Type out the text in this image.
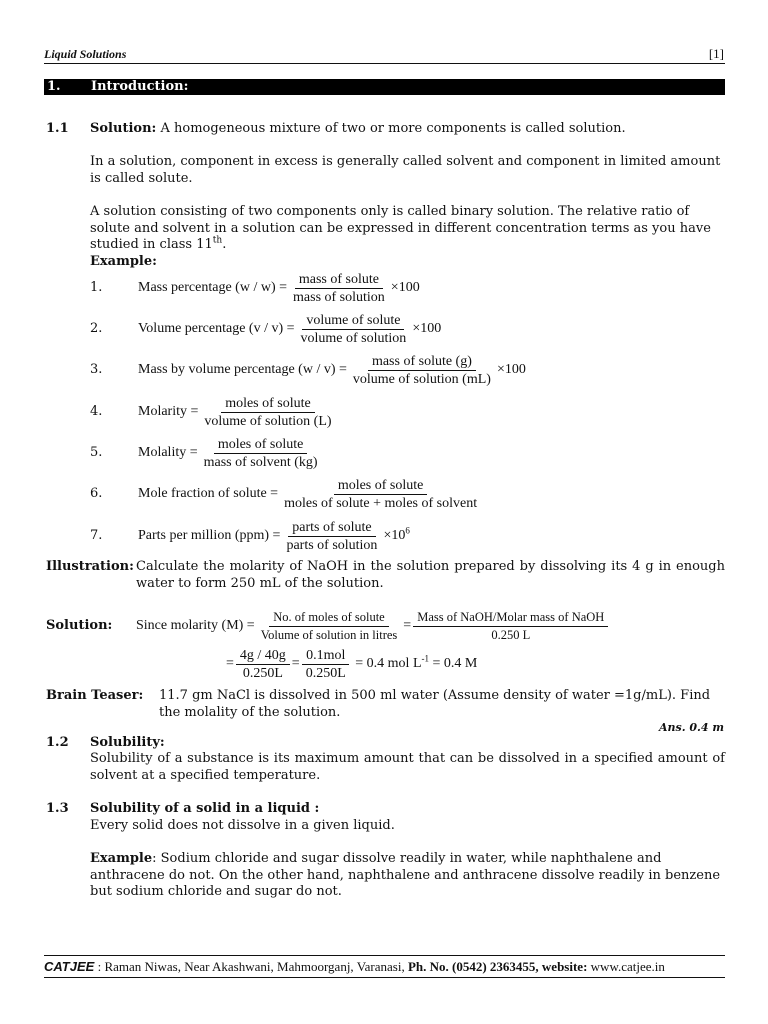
Liquid Solutions	[1]
1. Introduction:
1.1 Solution: A homogeneous mixture of two or more components is called solution.
In a solution, component in excess is generally called solvent and component in limited amount is called solute.
A solution consisting of two components only is called binary solution. The relative ratio of solute and solvent in a solution can be expressed in different concentration terms as you have studied in class 11th.
Example:
1.	Mass percentage $(w / w) = \frac{\text{mass of solute}}{\text{mass of solution}} \times 100$
2.	Volume percentage $(v / v) = \frac{\text{volume of solute}}{\text{volume of solution}} \times 100$
3.	Mass by volume percentage $(w / v) = \frac{\text{mass of solute (g)}}{\text{volume of solution (mL)}} \times 100$
4.	Molarity = $\frac{\text{moles of solute}}{\text{volume of solution (L)}}$
5.	Molality = $\frac{\text{moles of solute}}{\text{mass of solvent (kg)}}$
6.	Mole fraction of solute = $\frac{\text{moles of solute}}{\text{moles of solute + moles of solvent}}$
7.	Parts per million $(ppm) = \frac{\text{parts of solute}}{\text{parts of solution}} \times 10^6$
Illustration: Calculate the molarity of NaOH in the solution prepared by dissolving its 4 g in enough water to form 250 mL of the solution.
Solution: Since molarity $(M) = \frac{\text{No. of moles of solute}}{\text{Volume of solution in litres}} = \frac{\text{Mass of NaOH/Molar mass of NaOH}}{0.250 L}$
= $\frac{4g / 40g}{0.250L} = \frac{\text{0.1mol}}{0.250L} = 0.4$ mol $L^{-1} = 0.4$ M
Brain Teaser: 11.7 gm NaCl is dissolved in 500 ml water (Assume density of water =1g/mL). Find the molality of the solution.
Ans. 0.4 m
1.2 Solubility:
Solubility of a substance is its maximum amount that can be dissolved in a specified amount of solvent at a specified temperature.
1.3 Solubility of a solid in a liquid :
Every solid does not dissolve in a given liquid.
Example: Sodium chloride and sugar dissolve readily in water, while naphthalene and anthracene do not. On the other hand, naphthalene and anthracene dissolve readily in benzene but sodium chloride and sugar do not.
CATJEE : Raman Niwas, Near Akashwani, Mahmoorganj, Varanasi, Ph. No. (0542) 2363455, website: www.catjee.in
